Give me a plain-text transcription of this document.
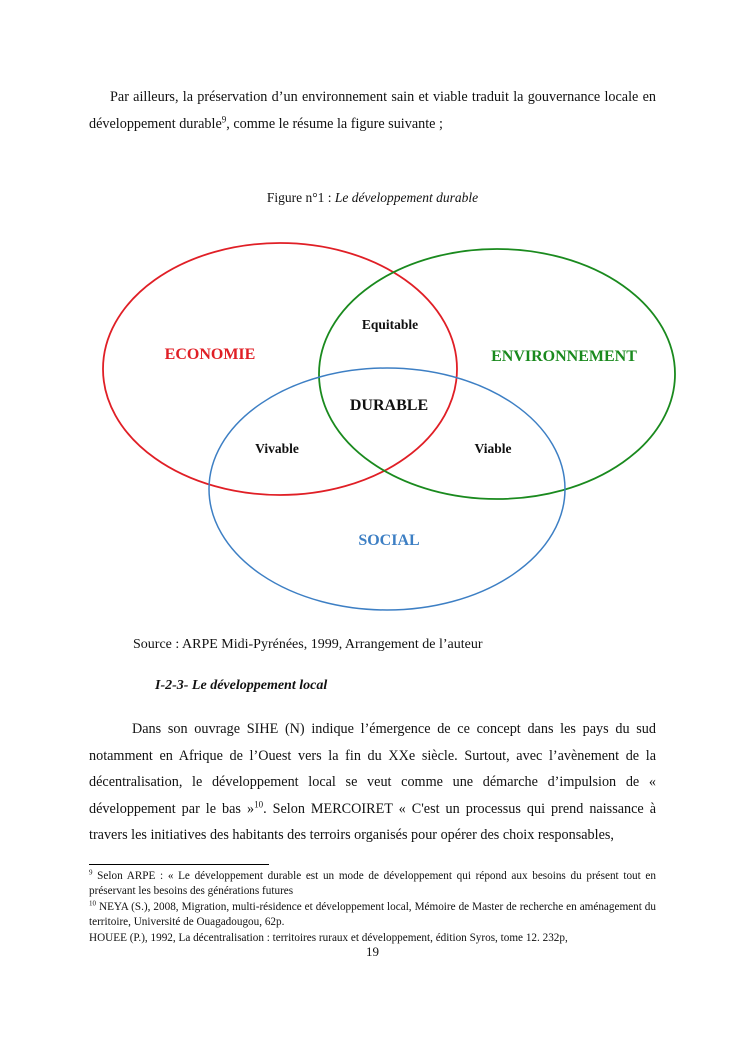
Par ailleurs, la préservation d’un environnement sain et viable traduit la gouvernance locale en développement durable$^9$, comme le résume la figure suivante ;

Figure n°1 : Le développement durable
ECONOMIE	ENVIRONNEMENT
SOCIAL
Equitable
DURABLE
Vivable	Viable
Source : ARPE Midi-Pyrénées, 1999, Arrangement de l’auteur
I-2-3- Le développement local

Dans son ouvrage SIHE (N) indique l’émergence de ce concept dans les pays du sud notamment en Afrique de l’Ouest vers la fin du XXe siècle. Surtout, avec l’avènement de la décentralisation, le développement local se veut comme une démarche d’impulsion de « développement par le bas »$^{10}$. Selon MERCOIRET « C'est un processus qui prend naissance à travers les initiatives des habitants des terroirs organisés pour opérer des choix responsables,

$^9$ Selon ARPE : « Le développement durable est un mode de développement qui répond aux besoins du présent tout en préservant les besoins des générations futures

$^{10}$ NEYA (S.), 2008, Migration, multi-résidence et développement local, Mémoire de Master de recherche en aménagement du territoire, Université de Ouagadougou, 62p.

HOUEE (P.), 1992, La décentralisation : territoires ruraux et développement, édition Syros, tome 12. 232p,

19
